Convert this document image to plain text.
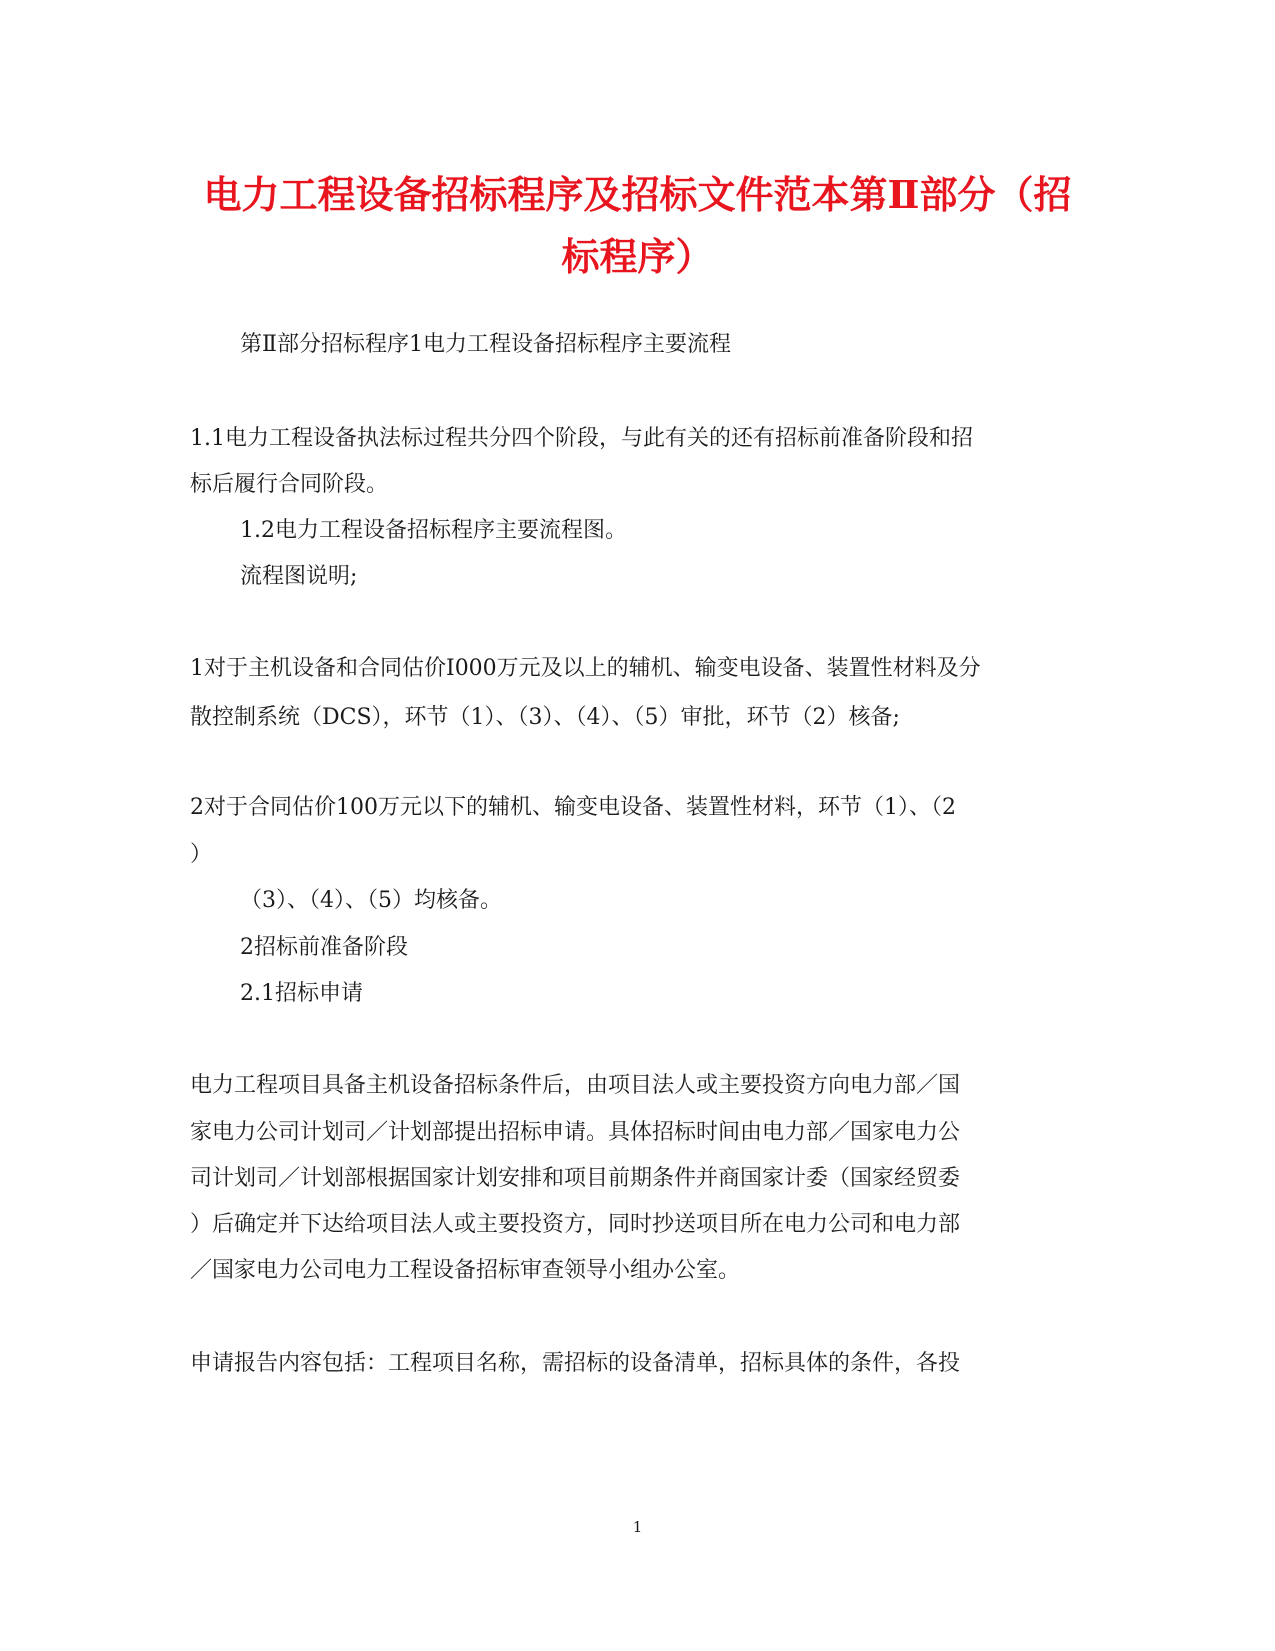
电力工程设备招标程序及招标文件范本第Ⅱ部分（招
标程序）

第Ⅱ部分招标程序1电力工程设备招标程序主要流程

1.1电力工程设备执法标过程共分四个阶段，与此有关的还有招标前准备阶段和招

标后履行合同阶段。

1.2电力工程设备招标程序主要流程图。

流程图说明;

1对于主机设备和合同估价I000万元及以上的辅机、输变电设备、装置性材料及分

散控制系统（DCS），环节（1）、（3）、（4）、（5）审批，环节（2）核备;

2对于合同估价100万元以下的辅机、输变电设备、装置性材料，环节（1）、（2

）

（3）、（4）、（5）均核备。

2招标前准备阶段

2.1招标申请

电力工程项目具备主机设备招标条件后，由项目法人或主要投资方向电力部／国

家电力公司计划司／计划部提出招标申请。具体招标时间由电力部／国家电力公

司计划司／计划部根据国家计划安排和项目前期条件并商国家计委（国家经贸委

）后确定并下达给项目法人或主要投资方，同时抄送项目所在电力公司和电力部

／国家电力公司电力工程设备招标审查领导小组办公室。

申请报告内容包括：工程项目名称，需招标的设备清单，招标具体的条件，各投

1
